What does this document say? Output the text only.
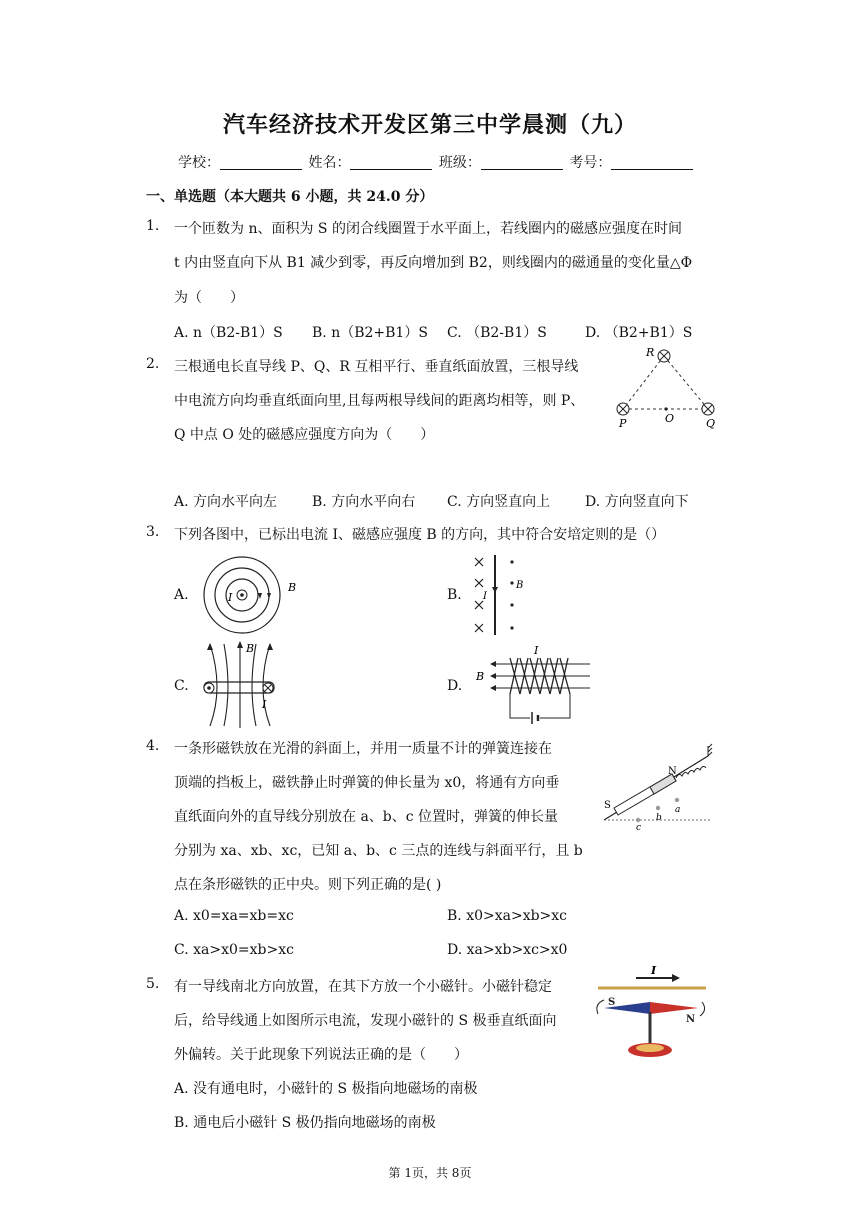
汽车经济技术开发区第三中学晨测（九）
学校：	姓名：	班级：	考号：
一、单选题（本大题共 6 小题，共 24.0 分）
1. 一个匝数为 n、面积为 S 的闭合线圈置于水平面上，若线圈内的磁感应强度在时间
t 内由竖直向下从 B1 减少到零，再反向增加到 B2，则线圈内的磁通量的变化量△Φ
为（　　）
A. n（B2-B1）S B. n（B2+B1）S C. （B2-B1）S	D. （B2+B1）S
2. 三根通电长直导线 P、Q、R 互相平行、垂直纸面放置，三根导线
中电流方向均垂直纸面向里,且每两根导线间的距离均相等，则 P、
Q 中点 O 处的磁感应强度方向为（　　）
R
P	Q
O
A. 方向水平向左 B. 方向水平向右 C. 方向竖直向上 D. 方向竖直向下
3. 下列各图中，已标出电流 I、磁感应强度 B 的方向，其中符合安培定则的是（）
A.	I
B	B. I
B
C.
B
I
D.
I
B
4. 一条形磁铁放在光滑的斜面上，并用一质量不计的弹簧连接在
顶端的挡板上，磁铁静止时弹簧的伸长量为 x0，将通有方向垂
直纸面向外的直导线分别放在 a、b、c 位置时，弹簧的伸长量
分别为 xa、xb、xc，已知 a、b、c 三点的连线与斜面平行，且 b
点在条形磁铁的正中央。则下列正确的是( )
S
N
a
b
c
A. x0=xa=xb=xc	B. x0>xa>xb>xc
C. xa>x0=xb>xc	D. xa>xb>xc>x0
5. 有一导线南北方向放置，在其下方放一个小磁针。小磁针稳定
后，给导线通上如图所示电流，发现小磁针的 S 极垂直纸面向
外偏转。关于此现象下列说法正确的是（　　）
I
S
N
A. 没有通电时，小磁针的 S 极指向地磁场的南极
B. 通电后小磁针 S 极仍指向地磁场的南极
第 1页，共 8页
